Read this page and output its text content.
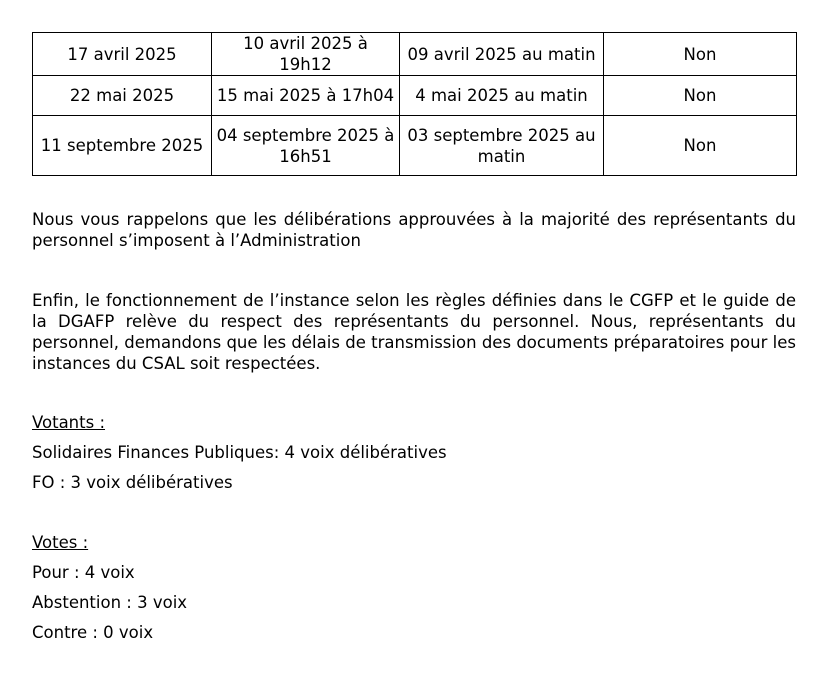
17 avril 2025	10 avril 2025 à 19h12	09 avril 2025 au matin	Non
22 mai 2025	15 mai 2025 à 17h04	4 mai 2025 au matin	Non
11 septembre 2025	04 septembre 2025 à 16h51	03 septembre 2025 au matin	Non

Nous vous rappelons que les délibérations approuvées à la majorité des représentants du personnel s’imposent à l’Administration

Enfin, le fonctionnement de l’instance selon les règles définies dans le CGFP et le guide de la DGAFP relève du respect des représentants du personnel. Nous, représentants du personnel, demandons que les délais de transmission des documents préparatoires pour les instances du CSAL soit respectées.

Votants :
Solidaires Finances Publiques: 4 voix délibératives
FO : 3 voix délibératives
Votes :
Pour : 4 voix
Abstention : 3 voix
Contre : 0 voix
